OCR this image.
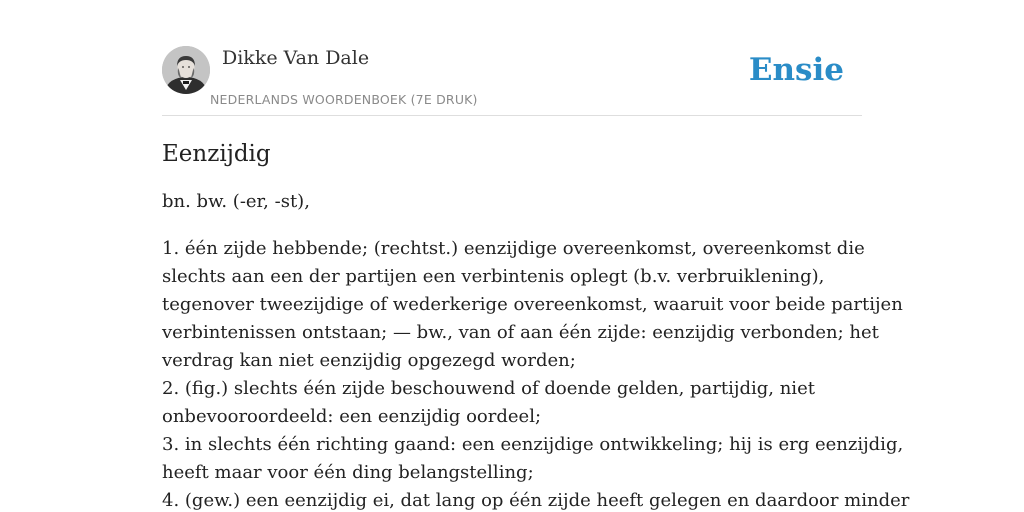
Dikke Van Dale
NEDERLANDS WOORDENBOEK (7E DRUK)
Ensie
Eenzijdig

bn. bw. (-er, -st),

1. één zijde hebbende; (rechtst.) eenzijdige overeenkomst, overeenkomst die

slechts aan een der partijen een verbintenis oplegt (b.v. verbruiklening),

tegenover tweezijdige of wederkerige overeenkomst, waaruit voor beide partijen

verbintenissen ontstaan; — bw., van of aan één zijde: eenzijdig verbonden; het

verdrag kan niet eenzijdig opgezegd worden;

2. (fig.) slechts één zijde beschouwend of doende gelden, partijdig, niet

onbevooroordeeld: een eenzijdig oordeel;

3. in slechts één richting gaand: een eenzijdige ontwikkeling; hij is erg eenzijdig,

heeft maar voor één ding belangstelling;

4. (gew.) een eenzijdig ei, dat lang op één zijde heeft gelegen en daardoor minder
